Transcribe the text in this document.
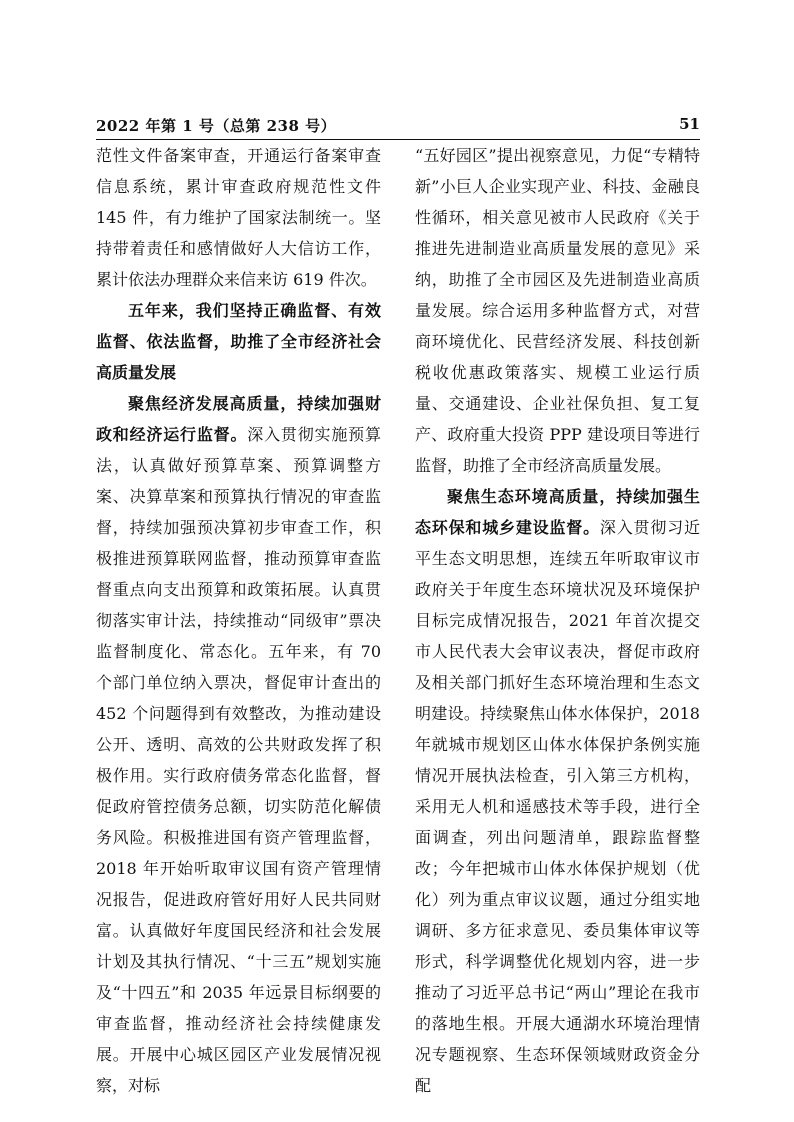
2022 年第 1 号（总第 238 号）	51

范性文件备案审查，开通运行备案审查信息系统，累计审查政府规范性文件 145 件，有力维护了国家法制统一。坚持带着责任和感情做好人大信访工作，累计依法办理群众来信来访 619 件次。

五年来，我们坚持正确监督、有效监督、依法监督，助推了全市经济社会高质量发展

聚焦经济发展高质量，持续加强财政和经济运行监督。深入贯彻实施预算法，认真做好预算草案、预算调整方案、决算草案和预算执行情况的审查监督，持续加强预决算初步审查工作，积极推进预算联网监督，推动预算审查监督重点向支出预算和政策拓展。认真贯彻落实审计法，持续推动“同级审”票决监督制度化、常态化。五年来，有 70 个部门单位纳入票决，督促审计查出的 452 个问题得到有效整改，为推动建设公开、透明、高效的公共财政发挥了积极作用。实行政府债务常态化监督，督促政府管控债务总额，切实防范化解债务风险。积极推进国有资产管理监督，2018 年开始听取审议国有资产管理情况报告，促进政府管好用好人民共同财富。认真做好年度国民经济和社会发展计划及其执行情况、“十三五”规划实施及“十四五”和 2035 年远景目标纲要的审查监督，推动经济社会持续健康发展。开展中心城区园区产业发展情况视察，对标

“五好园区”提出视察意见，力促“专精特新”小巨人企业实现产业、科技、金融良性循环，相关意见被市人民政府《关于推进先进制造业高质量发展的意见》采纳，助推了全市园区及先进制造业高质量发展。综合运用多种监督方式，对营商环境优化、民营经济发展、科技创新税收优惠政策落实、规模工业运行质量、交通建设、企业社保负担、复工复产、政府重大投资 PPP 建设项目等进行监督，助推了全市经济高质量发展。

聚焦生态环境高质量，持续加强生态环保和城乡建设监督。深入贯彻习近平生态文明思想，连续五年听取审议市政府关于年度生态环境状况及环境保护目标完成情况报告，2021 年首次提交市人民代表大会审议表决，督促市政府及相关部门抓好生态环境治理和生态文明建设。持续聚焦山体水体保护，2018 年就城市规划区山体水体保护条例实施情况开展执法检查，引入第三方机构，采用无人机和遥感技术等手段，进行全面调查，列出问题清单，跟踪监督整改；今年把城市山体水体保护规划（优化）列为重点审议议题，通过分组实地调研、多方征求意见、委员集体审议等形式，科学调整优化规划内容，进一步推动了习近平总书记“两山”理论在我市的落地生根。开展大通湖水环境治理情况专题视察、生态环保领域财政资金分配
